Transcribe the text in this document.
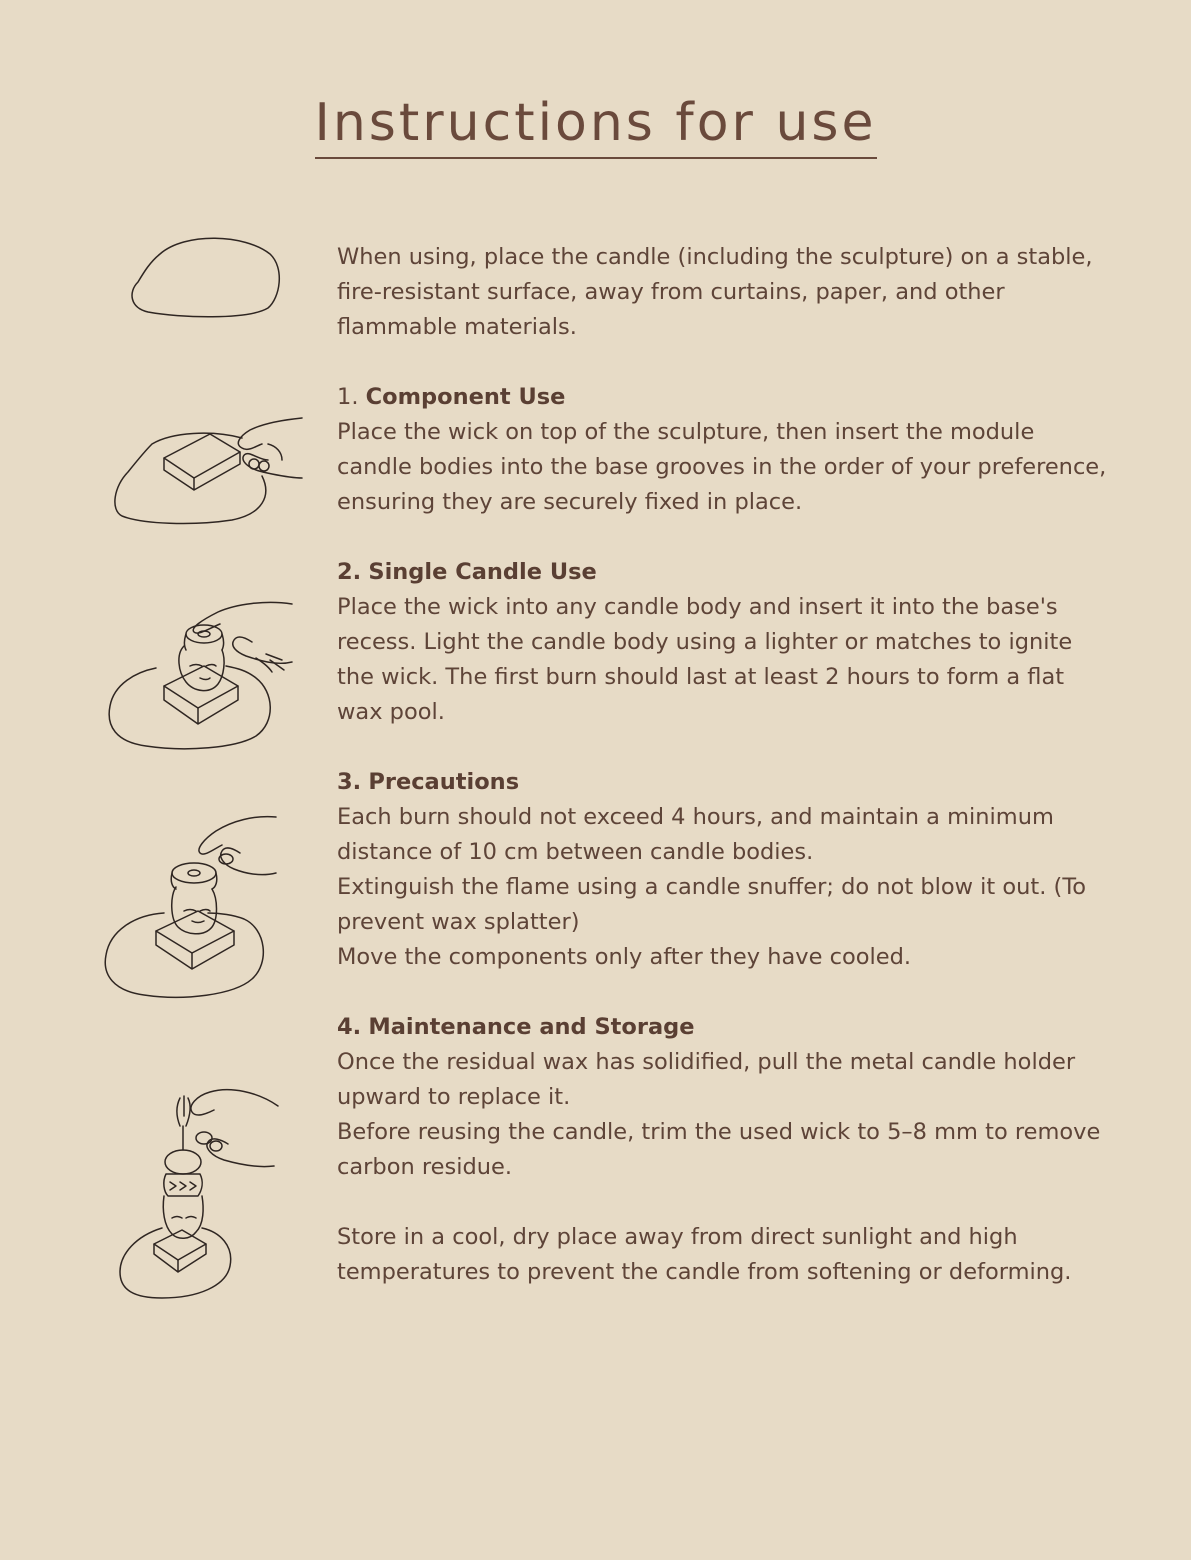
Instructions for use

When using, place the candle (including the sculpture) on a stable, fire-resistant surface, away from curtains, paper, and other flammable materials.

1. Component Use

Place the wick on top of the sculpture, then insert the module candle bodies into the base grooves in the order of your preference, ensuring they are securely fixed in place.

2. Single Candle Use

Place the wick into any candle body and insert it into the base's recess. Light the candle body using a lighter or matches to ignite the wick. The first burn should last at least 2 hours to form a flat wax pool.

3. Precautions

Each burn should not exceed 4 hours, and maintain a minimum distance of 10 cm between candle bodies.

Extinguish the flame using a candle snuffer; do not blow it out. (To prevent wax splatter)

Move the components only after they have cooled.

4. Maintenance and Storage

Once the residual wax has solidified, pull the metal candle holder upward to replace it.

Before reusing the candle, trim the used wick to 5–8 mm to remove carbon residue.

Store in a cool, dry place away from direct sunlight and high temperatures to prevent the candle from softening or deforming.
